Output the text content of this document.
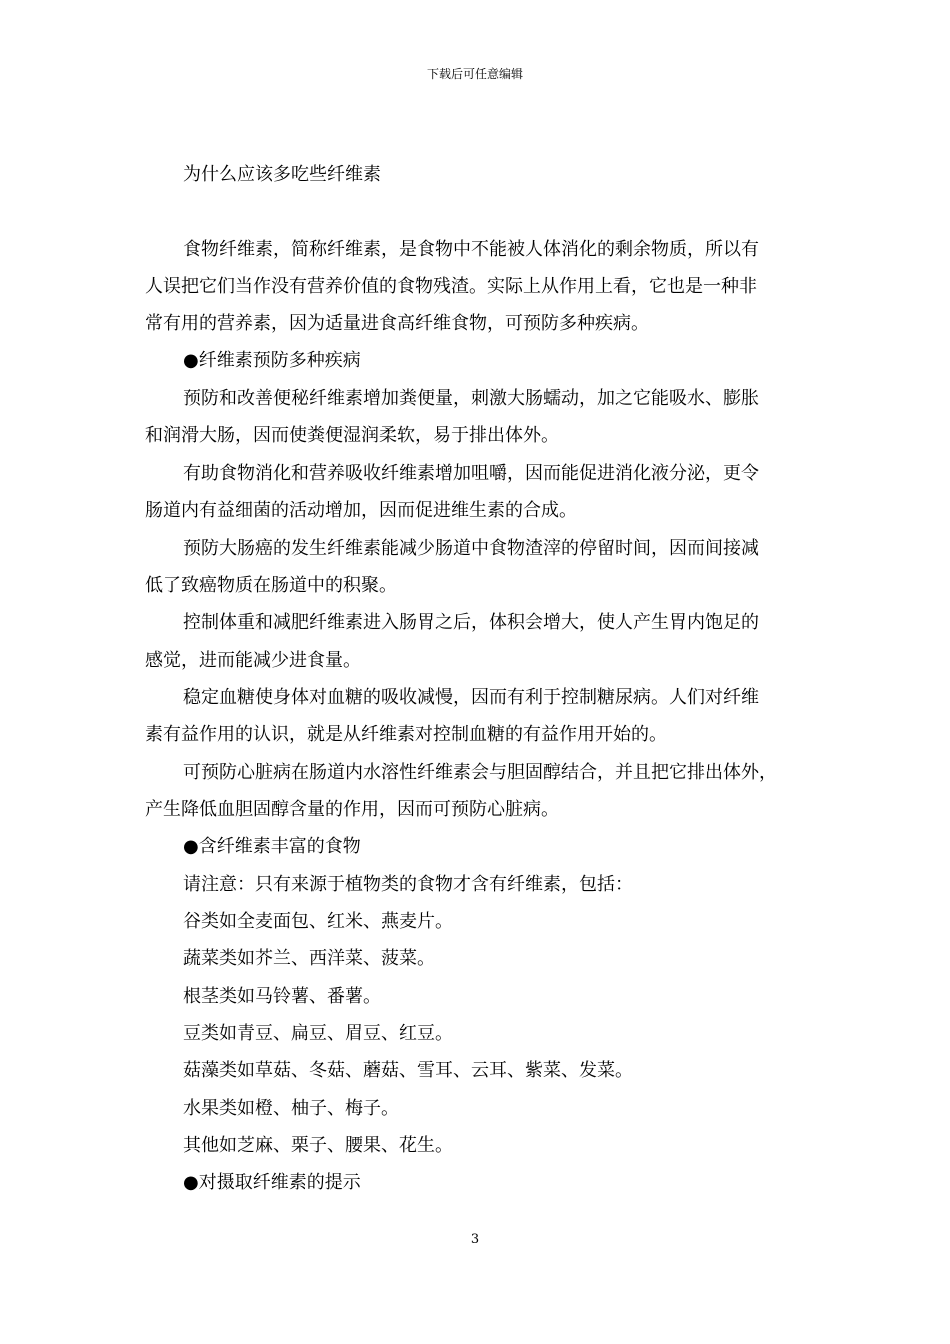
下载后可任意编辑
为什么应该多吃些纤维素
食物纤维素，简称纤维素，是食物中不能被人体消化的剩余物质，所以有
人误把它们当作没有营养价值的食物残渣。实际上从作用上看，它也是一种非
常有用的营养素，因为适量进食高纤维食物，可预防多种疾病。
●纤维素预防多种疾病
预防和改善便秘纤维素增加粪便量，刺激大肠蠕动，加之它能吸水、膨胀
和润滑大肠，因而使粪便湿润柔软，易于排出体外。
有助食物消化和营养吸收纤维素增加咀嚼，因而能促进消化液分泌，更令
肠道内有益细菌的活动增加，因而促进维生素的合成。
预防大肠癌的发生纤维素能减少肠道中食物渣滓的停留时间，因而间接减
低了致癌物质在肠道中的积聚。
控制体重和减肥纤维素进入肠胃之后，体积会增大，使人产生胃内饱足的
感觉，进而能减少进食量。
稳定血糖使身体对血糖的吸收减慢，因而有利于控制糖尿病。人们对纤维
素有益作用的认识，就是从纤维素对控制血糖的有益作用开始的。
可预防心脏病在肠道内水溶性纤维素会与胆固醇结合，并且把它排出体外，
产生降低血胆固醇含量的作用，因而可预防心脏病。
●含纤维素丰富的食物
请注意：只有来源于植物类的食物才含有纤维素，包括：
谷类如全麦面包、红米、燕麦片。
蔬菜类如芥兰、西洋菜、菠菜。
根茎类如马铃薯、番薯。
豆类如青豆、扁豆、眉豆、红豆。
菇藻类如草菇、冬菇、蘑菇、雪耳、云耳、紫菜、发菜。
水果类如橙、柚子、梅子。
其他如芝麻、栗子、腰果、花生。
●对摄取纤维素的提示
3
